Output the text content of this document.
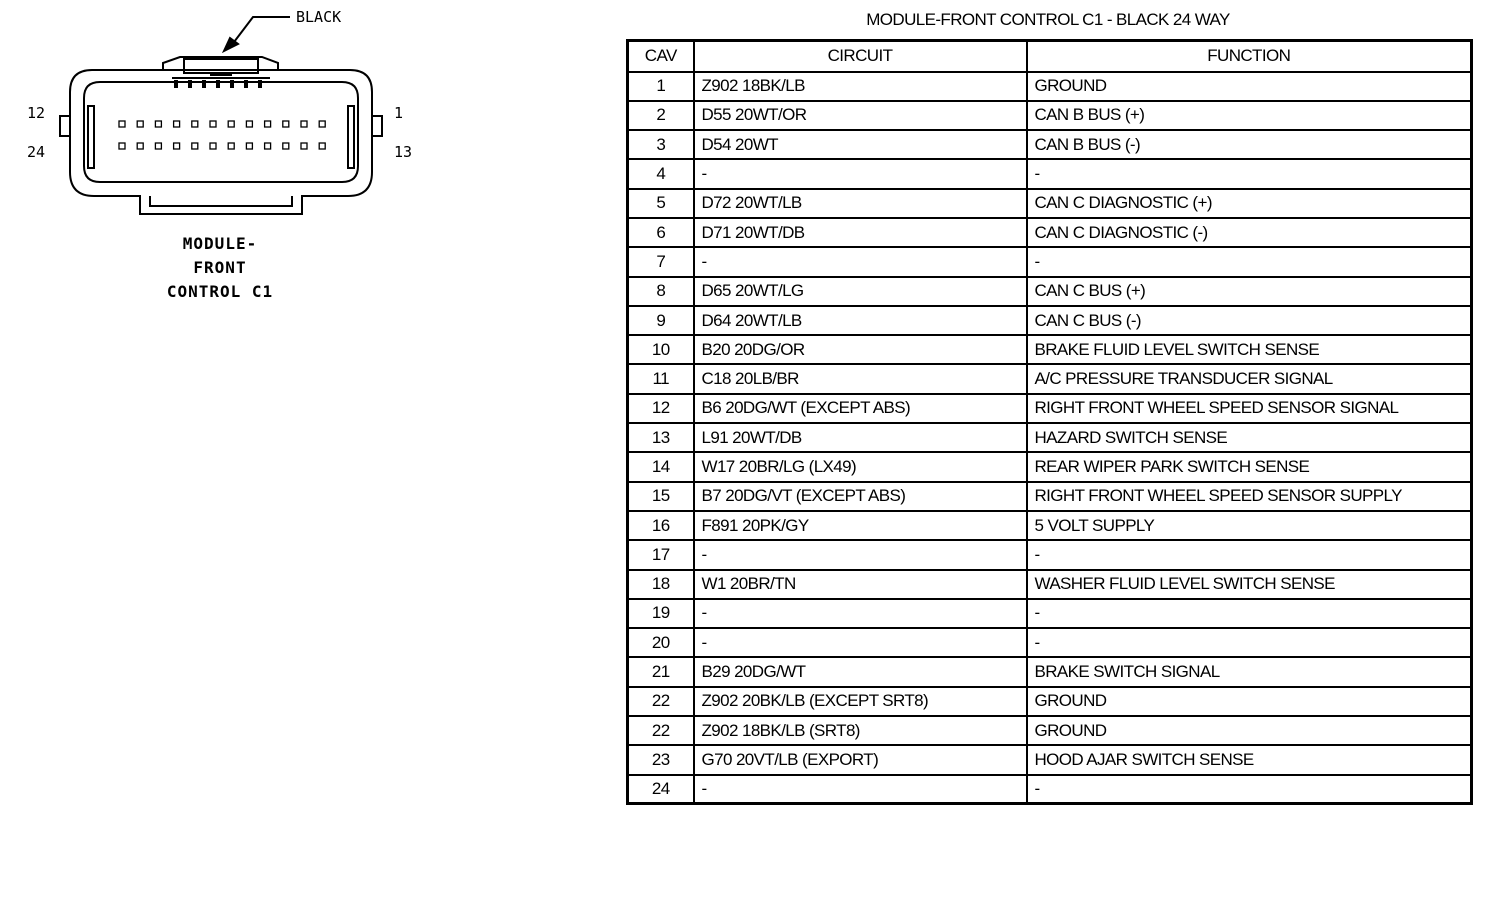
BLACK
12
24
1
13
MODULE-
FRONT
CONTROL C1
MODULE-FRONT CONTROL C1 - BLACK 24 WAY
CAV	CIRCUIT	FUNCTION
1	Z902 18BK/LB	GROUND
2	D55 20WT/OR	CAN B BUS (+)
3	D54 20WT	CAN B BUS (-)
4	-	-
5	D72 20WT/LB	CAN C DIAGNOSTIC (+)
6	D71 20WT/DB	CAN C DIAGNOSTIC (-)
7	-	-
8	D65 20WT/LG	CAN C BUS (+)
9	D64 20WT/LB	CAN C BUS (-)
10	B20 20DG/OR	BRAKE FLUID LEVEL SWITCH SENSE
11	C18 20LB/BR	A/C PRESSURE TRANSDUCER SIGNAL
12	B6 20DG/WT (EXCEPT ABS)	RIGHT FRONT WHEEL SPEED SENSOR SIGNAL
13	L91 20WT/DB	HAZARD SWITCH SENSE
14	W17 20BR/LG (LX49)	REAR WIPER PARK SWITCH SENSE
15	B7 20DG/VT (EXCEPT ABS)	RIGHT FRONT WHEEL SPEED SENSOR SUPPLY
16	F891 20PK/GY	5 VOLT SUPPLY
17	-	-
18	W1 20BR/TN	WASHER FLUID LEVEL SWITCH SENSE
19	-	-
20	-	-
21	B29 20DG/WT	BRAKE SWITCH SIGNAL
22	Z902 20BK/LB (EXCEPT SRT8)	GROUND
22	Z902 18BK/LB (SRT8)	GROUND
23	G70 20VT/LB (EXPORT)	HOOD AJAR SWITCH SENSE
24	-	-
